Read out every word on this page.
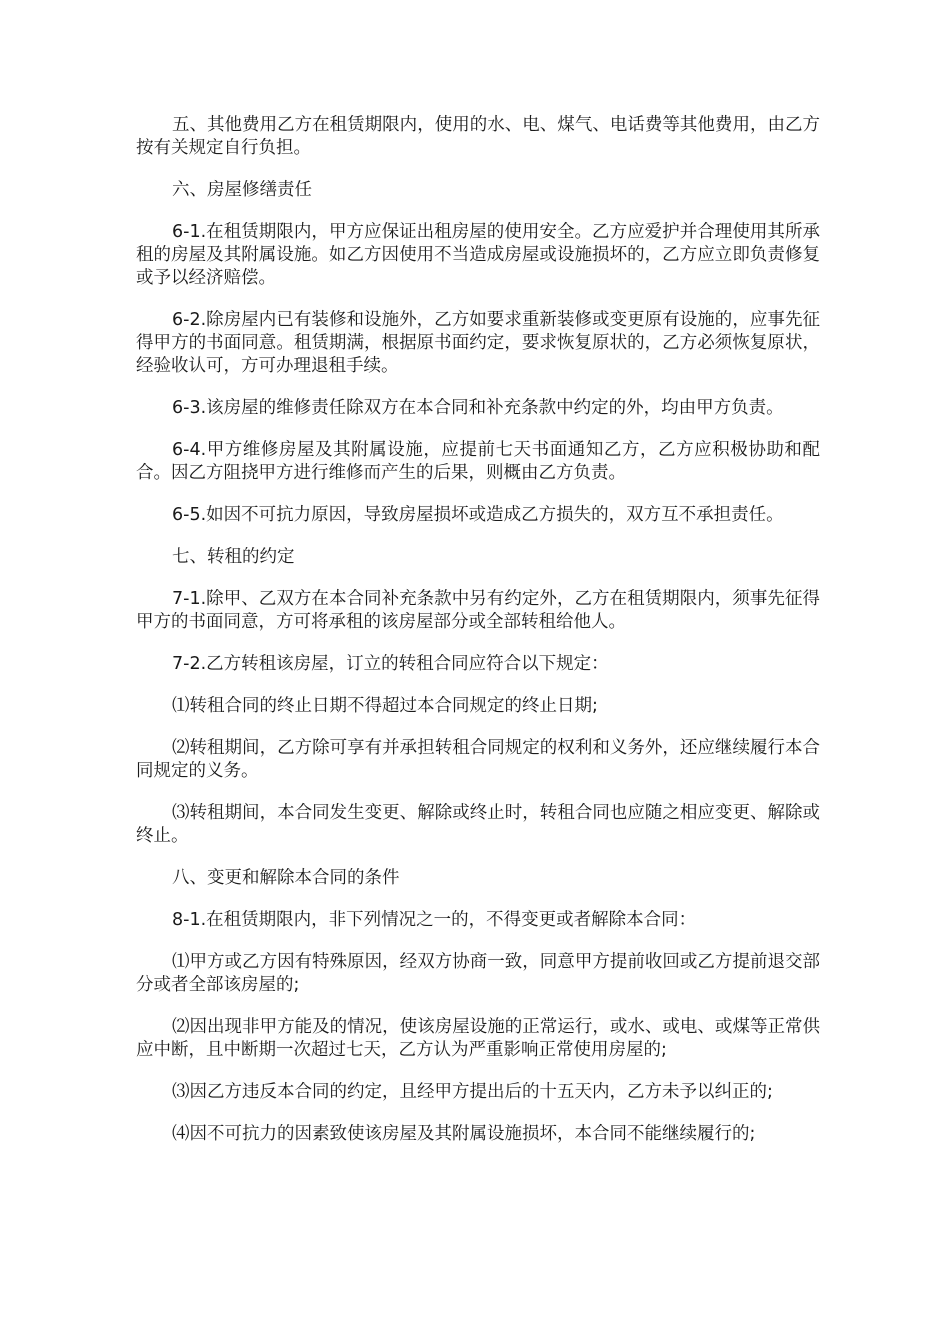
五、其他费用乙方在租赁期限内，使用的水、电、煤气、电话费等其他费用，由乙方按有关规定自行负担。

六、房屋修缮责任

6-1.在租赁期限内，甲方应保证出租房屋的使用安全。乙方应爱护并合理使用其所承租的房屋及其附属设施。如乙方因使用不当造成房屋或设施损坏的，乙方应立即负责修复或予以经济赔偿。

6-2.除房屋内已有装修和设施外，乙方如要求重新装修或变更原有设施的，应事先征得甲方的书面同意。租赁期满，根据原书面约定，要求恢复原状的，乙方必须恢复原状，经验收认可，方可办理退租手续。

6-3.该房屋的维修责任除双方在本合同和补充条款中约定的外，均由甲方负责。

6-4.甲方维修房屋及其附属设施，应提前七天书面通知乙方，乙方应积极协助和配合。因乙方阻挠甲方进行维修而产生的后果，则概由乙方负责。

6-5.如因不可抗力原因，导致房屋损坏或造成乙方损失的，双方互不承担责任。

七、转租的约定

7-1.除甲、乙双方在本合同补充条款中另有约定外，乙方在租赁期限内，须事先征得甲方的书面同意，方可将承租的该房屋部分或全部转租给他人。

7-2.乙方转租该房屋，订立的转租合同应符合以下规定：

⑴转租合同的终止日期不得超过本合同规定的终止日期;

⑵转租期间，乙方除可享有并承担转租合同规定的权利和义务外，还应继续履行本合同规定的义务。

⑶转租期间，本合同发生变更、解除或终止时，转租合同也应随之相应变更、解除或终止。

八、变更和解除本合同的条件

8-1.在租赁期限内，非下列情况之一的，不得变更或者解除本合同：

⑴甲方或乙方因有特殊原因，经双方协商一致，同意甲方提前收回或乙方提前退交部分或者全部该房屋的;

⑵因出现非甲方能及的情况，使该房屋设施的正常运行，或水、或电、或煤等正常供应中断，且中断期一次超过七天，乙方认为严重影响正常使用房屋的;

⑶因乙方违反本合同的约定，且经甲方提出后的十五天内，乙方未予以纠正的;

⑷因不可抗力的因素致使该房屋及其附属设施损坏，本合同不能继续履行的;
